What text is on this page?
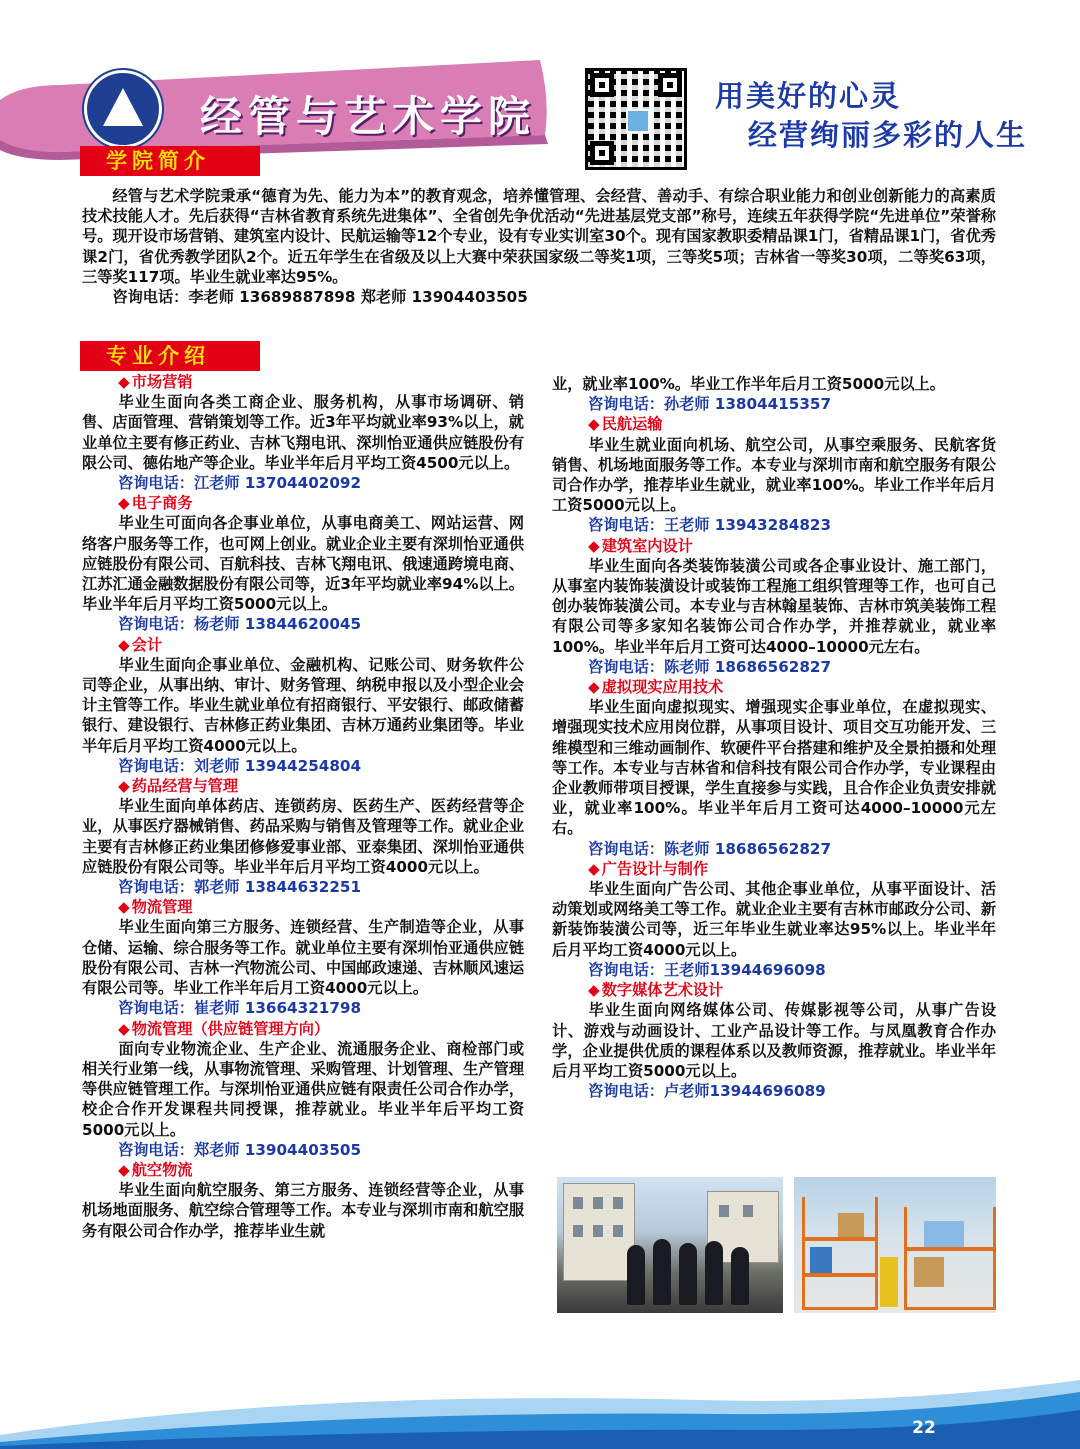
经管与艺术学院	用美好的心灵
经营绚丽多彩的人生
学院简介
经管与艺术学院秉承“德育为先、能力为本”的教育观念，培养懂管理、会经营、善动手、有综合职业能力和创业创新能力的高素质技术技能人才。先后获得“吉林省教育系统先进集体”、全省创先争优活动“先进基层党支部”称号，连续五年获得学院“先进单位”荣誉称号。现开设市场营销、建筑室内设计、民航运输等12个专业，设有专业实训室30个。现有国家教职委精品课1门，省精品课1门，省优秀课2门，省优秀教学团队2个。近五年学生在省级及以上大赛中荣获国家级二等奖1项，三等奖5项；吉林省一等奖30项，二等奖63项，三等奖117项。毕业生就业率达95%。
咨询电话：李老师 13689887898 郑老师 13904403505
专业介绍
◆ 市场营销
毕业生面向各类工商企业、服务机构，从事市场调研、销售、店面管理、营销策划等工作。近3年平均就业率93%以上，就业单位主要有修正药业、吉林飞翔电讯、深圳怡亚通供应链股份有限公司、德佑地产等企业。毕业半年后月平均工资4500元以上。
咨询电话：江老师 13704402092
◆ 电子商务
毕业生可面向各企事业单位，从事电商美工、网站运营、网络客户服务等工作，也可网上创业。就业企业主要有深圳怡亚通供应链股份有限公司、百航科技、吉林飞翔电讯、俄速通跨境电商、江苏汇通金融数据股份有限公司等，近3年平均就业率94%以上。毕业半年后月平均工资5000元以上。
咨询电话：杨老师 13844620045
◆ 会计
毕业生面向企事业单位、金融机构、记账公司、财务软件公司等企业，从事出纳、审计、财务管理、纳税申报以及小型企业会计主管等工作。毕业生就业单位有招商银行、平安银行、邮政储蓄银行、建设银行、吉林修正药业集团、吉林万通药业集团等。毕业半年后月平均工资4000元以上。
咨询电话：刘老师 13944254804
◆ 药品经营与管理
毕业生面向单体药店、连锁药房、医药生产、医药经营等企业，从事医疗器械销售、药品采购与销售及管理等工作。就业企业主要有吉林修正药业集团修修爱事业部、亚泰集团、深圳怡亚通供应链股份有限公司等。毕业半年后月平均工资4000元以上。
咨询电话：郭老师 13844632251
◆ 物流管理
毕业生面向第三方服务、连锁经营、生产制造等企业，从事仓储、运输、综合服务等工作。就业单位主要有深圳怡亚通供应链股份有限公司、吉林一汽物流公司、中国邮政速递、吉林顺风速运有限公司等。毕业工作半年后月工资4000元以上。
咨询电话：崔老师 13664321798
◆ 物流管理（供应链管理方向）
面向专业物流企业、生产企业、流通服务企业、商检部门或相关行业第一线，从事物流管理、采购管理、计划管理、生产管理等供应链管理工作。与深圳怡亚通供应链有限责任公司合作办学，校企合作开发课程共同授课，推荐就业。毕业半年后平均工资5000元以上。
咨询电话：郑老师 13904403505
◆ 航空物流
毕业生面向航空服务、第三方服务、连锁经营等企业，从事机场地面服务、航空综合管理等工作。本专业与深圳市南和航空服务有限公司合作办学，推荐毕业生就
业，就业率100%。毕业工作半年后月工资5000元以上。
咨询电话：孙老师 13804415357
◆ 民航运输
毕业生就业面向机场、航空公司，从事空乘服务、民航客货销售、机场地面服务等工作。本专业与深圳市南和航空服务有限公司合作办学，推荐毕业生就业，就业率100%。毕业工作半年后月工资5000元以上。
咨询电话：王老师 13943284823
◆ 建筑室内设计
毕业生面向各类装饰装潢公司或各企事业设计、施工部门，从事室内装饰装潢设计或装饰工程施工组织管理等工作，也可自己创办装饰装潢公司。本专业与吉林翰星装饰、吉林市筑美装饰工程有限公司等多家知名装饰公司合作办学，并推荐就业，就业率100%。毕业半年后月工资可达4000–10000元左右。
咨询电话：陈老师 18686562827
◆ 虚拟现实应用技术
毕业生面向虚拟现实、增强现实企事业单位，在虚拟现实、增强现实技术应用岗位群，从事项目设计、项目交互功能开发、三维模型和三维动画制作、软硬件平台搭建和维护及全景拍摄和处理等工作。本专业与吉林省和信科技有限公司合作办学，专业课程由企业教师带项目授课，学生直接参与实践，且合作企业负责安排就业，就业率100%。毕业半年后月工资可达4000–10000元左右。
咨询电话：陈老师 18686562827
◆ 广告设计与制作
毕业生面向广告公司、其他企事业单位，从事平面设计、活动策划或网络美工等工作。就业企业主要有吉林市邮政分公司、新新装饰装潢公司等，近三年毕业生就业率达95%以上。毕业半年后月平均工资4000元以上。
咨询电话：王老师13944696098
◆ 数字媒体艺术设计
毕业生面向网络媒体公司、传媒影视等公司，从事广告设计、游戏与动画设计、工业产品设计等工作。与凤凰教育合作办学，企业提供优质的课程体系以及教师资源，推荐就业。毕业半年后月平均工资5000元以上。
咨询电话：卢老师13944696089
22
